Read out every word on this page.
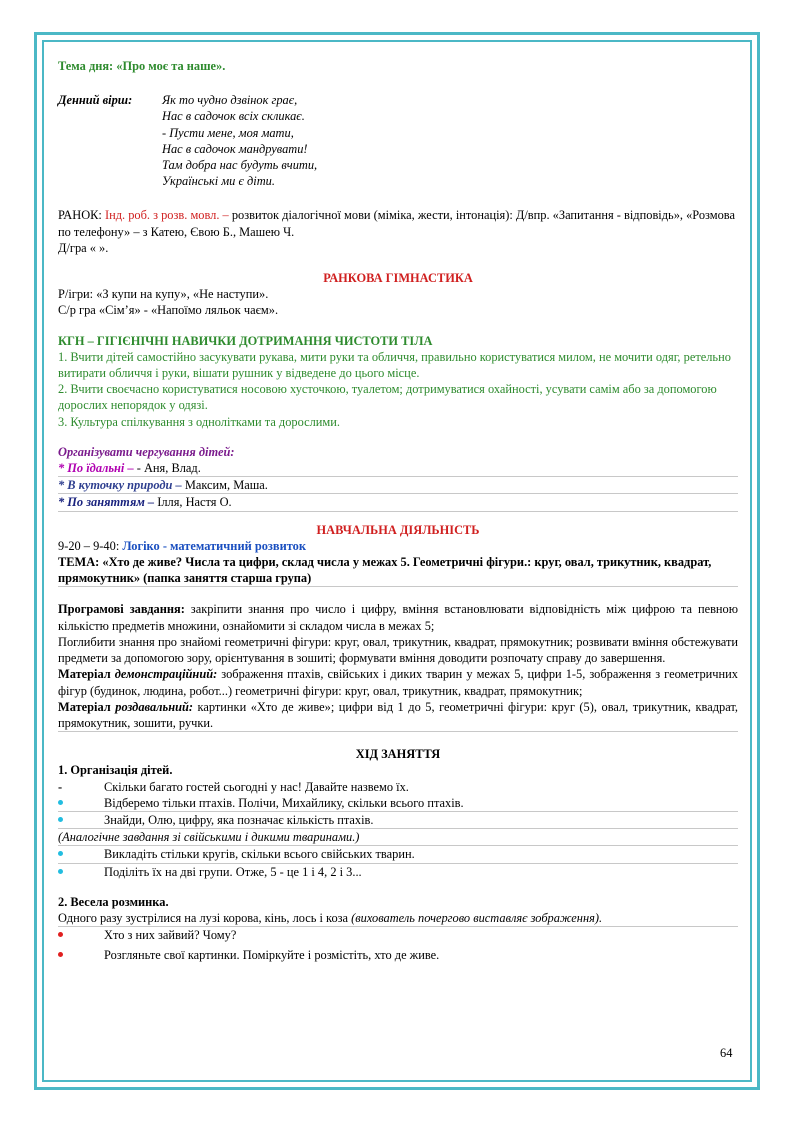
Тема дня: «Про моє та наше».
Денний вірш:	Як то чудно дзвінок грає,
Нас в садочок всіх скликає.
- Пусти мене, моя мати,
Нас в садочок мандрувати!
Там добра нас будуть вчити,
Українські ми є діти.
РАНОК: Інд. роб. з розв. мовл. – розвиток діалогічної мови (міміка, жести, інтонація): Д/впр. «Запитання - відповідь», «Розмова по телефону» – з Катею, Євою Б., Машею Ч.
Д/гра « ».
РАНКОВА ГІМНАСТИКА
Р/ігри: «З купи на купу», «Не наступи».
С/р гра «Сім’я» - «Напоїмо ляльок чаєм».
КГН – ГІГІЄНІЧНІ НАВИЧКИ ДОТРИМАННЯ ЧИСТОТИ ТІЛА
1. Вчити дітей самостійно засукувати рукава, мити руки та обличчя, правильно користуватися милом, не мочити одяг, ретельно витирати обличчя і руки, вішати рушник у відведене до цього місце.
2. Вчити своєчасно користуватися носовою хусточкою, туалетом; дотримуватися охайності, усувати самім або за допомогою дорослих непорядок у одязі.
3. Культура спілкування з однолітками та дорослими.
Організувати чергування дітей:
* По їдальні – - Аня, Влад.
* В куточку природи – Максим, Маша.
* По заняттям – Ілля, Настя О.
НАВЧАЛЬНА ДІЯЛЬНІСТЬ
9-20 – 9-40: Логіко - математичний розвиток
ТЕМА: «Хто де живе? Числа та цифри, склад числа у межах 5. Геометричні фігури.: круг, овал, трикутник, квадрат, прямокутник» (папка заняття старша група)
Програмові завдання: закріпити знання про число і цифру, вміння встановлювати відповідність між цифрою та певною кількістю предметів множини, ознайомити зі складом числа в межах 5;
Поглибити знання про знайомі геометричні фігури: круг, овал, трикутник, квадрат, прямокутник; розвивати вміння обстежувати предмети за допомогою зору, орієнтування в зошиті; формувати вміння доводити розпочату справу до завершення.
Матеріал демонстраційний: зображення птахів, свійських і диких тварин у межах 5, цифри 1-5, зображення з геометричних фігур (будинок, людина, робот...) геометричні фігури: круг, овал, трикутник, квадрат, прямокутник;
Матеріал роздавальний: картинки «Хто де живе»; цифри від 1 до 5, геометричні фігури: круг (5), овал, трикутник, квадрат, прямокутник, зошити, ручки.
ХІД ЗАНЯТТЯ
1. Організація дітей.
-	Скільки багато гостей сьогодні у нас! Давайте назвемо їх.
Відберемо тільки птахів. Полічи, Михайлику, скільки всього птахів.
Знайди, Олю, цифру, яка позначає кількість птахів.
(Аналогічне завдання зі свійськими і дикими тваринами.)
Викладіть стільки кругів, скільки всього свійських тварин.
Поділіть їх на дві групи. Отже, 5 - це 1 і 4, 2 і 3...
2. Весела розминка.
Одного разу зустрілися на лузі корова, кінь, лось і коза (вихователь почергово виставляє зображення).
Хто з них зайвий? Чому?
Розгляньте свої картинки. Поміркуйте і розмістіть, хто де живе.
64
